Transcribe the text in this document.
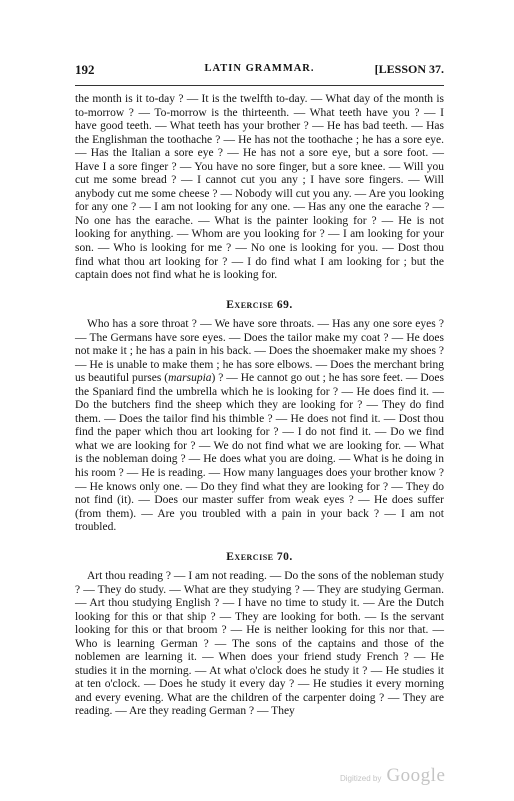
192	LATIN GRAMMAR.	[LESSON 37.

the month is it to-day ? — It is the twelfth to-day. — What day of the month is to-morrow ? — To-morrow is the thirteenth. — What teeth have you ? — I have good teeth. — What teeth has your brother ? — He has bad teeth. — Has the Englishman the toothache ? — He has not the toothache ; he has a sore eye. — Has the Italian a sore eye ? — He has not a sore eye, but a sore foot. — Have I a sore finger ? — You have no sore finger, but a sore knee. — Will you cut me some bread ? — I cannot cut you any ; I have sore fingers. — Will anybody cut me some cheese ? — Nobody will cut you any. — Are you looking for any one ? — I am not looking for any one. — Has any one the earache ? — No one has the earache. — What is the painter looking for ? — He is not looking for anything. — Whom are you looking for ? — I am looking for your son. — Who is looking for me ? — No one is looking for you. — Dost thou find what thou art looking for ? — I do find what I am looking for ; but the captain does not find what he is looking for.

Exercise 69.

Who has a sore throat ? — We have sore throats. — Has any one sore eyes ? — The Germans have sore eyes. — Does the tailor make my coat ? — He does not make it ; he has a pain in his back. — Does the shoemaker make my shoes ? — He is unable to make them ; he has sore elbows. — Does the merchant bring us beautiful purses (marsupia) ? — He cannot go out ; he has sore feet. — Does the Spaniard find the umbrella which he is looking for ? — He does find it. — Do the butchers find the sheep which they are looking for ? — They do find them. — Does the tailor find his thimble ? — He does not find it. — Dost thou find the paper which thou art looking for ? — I do not find it. — Do we find what we are looking for ? — We do not find what we are looking for. — What is the nobleman doing ? — He does what you are doing. — What is he doing in his room ? — He is reading. — How many languages does your brother know ? — He knows only one. — Do they find what they are looking for ? — They do not find (it). — Does our master suffer from weak eyes ? — He does suffer (from them). — Are you troubled with a pain in your back ? — I am not troubled.

Exercise 70.

Art thou reading ? — I am not reading. — Do the sons of the nobleman study ? — They do study. — What are they studying ? — They are studying German. — Art thou studying English ? — I have no time to study it. — Are the Dutch looking for this or that ship ? — They are looking for both. — Is the servant looking for this or that broom ? — He is neither looking for this nor that. — Who is learning German ? — The sons of the captains and those of the noblemen are learning it. — When does your friend study French ? — He studies it in the morning. — At what o'clock does he study it ? — He studies it at ten o'clock. — Does he study it every day ? — He studies it every morning and every evening. What are the children of the carpenter doing ? — They are reading. — Are they reading German ? — They

Digitized by Google
